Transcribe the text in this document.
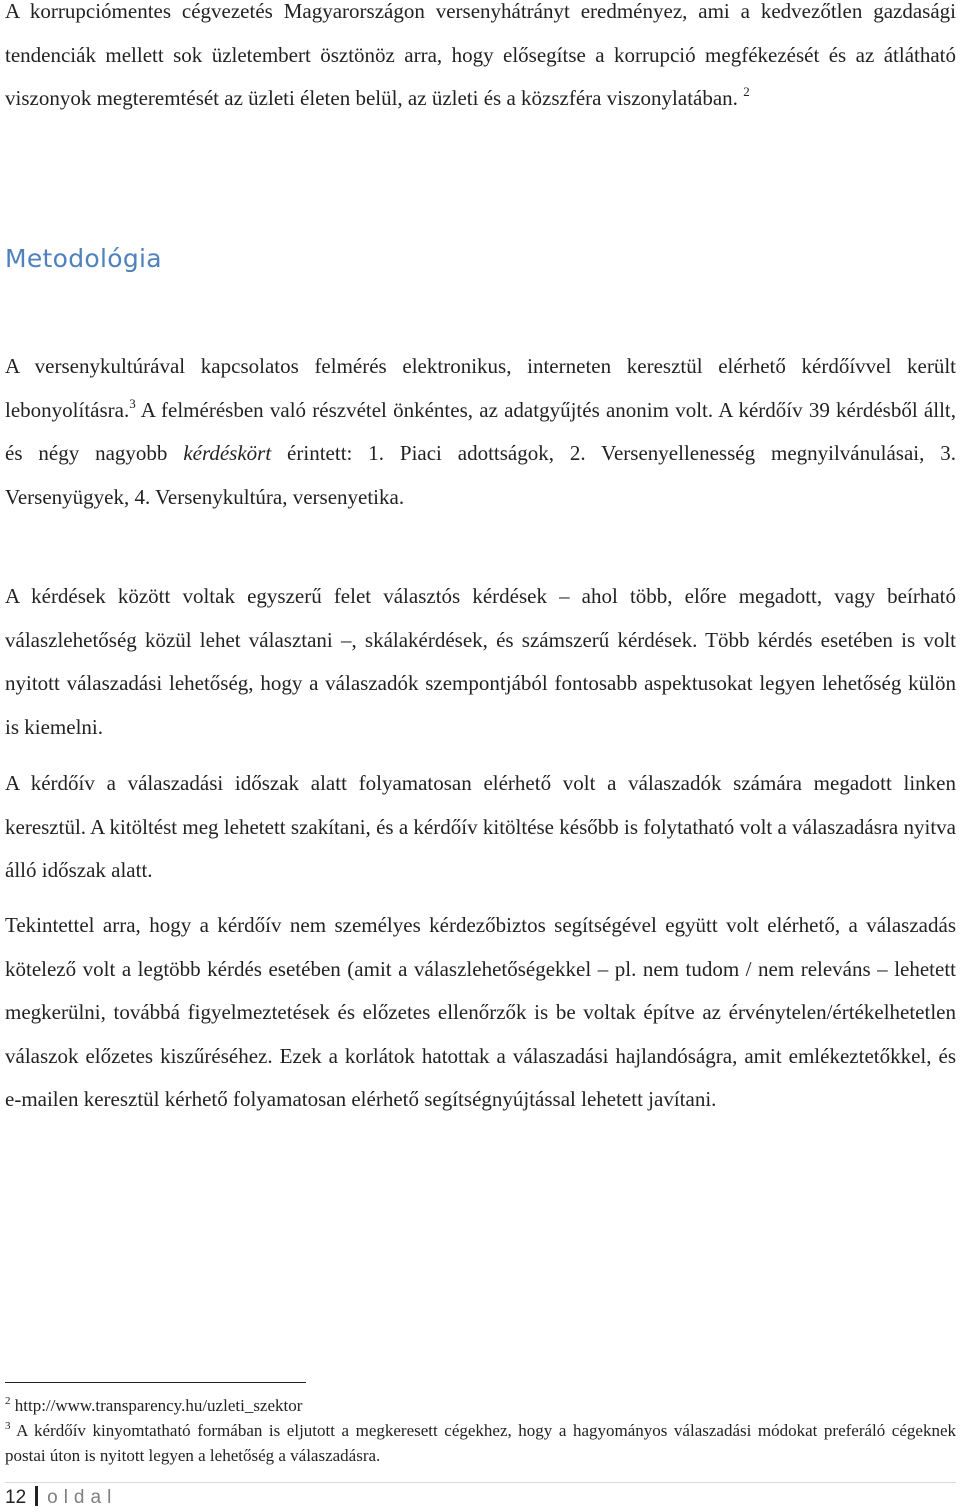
A korrupciómentes cégvezetés Magyarországon versenyhátrányt eredményez, ami a kedvezőtlen gazdasági tendenciák mellett sok üzletembert ösztönöz arra, hogy elősegítse a korrupció megfékezését és az átlátható viszonyok megteremtését az üzleti életen belül, az üzleti és a közszféra viszonylatában. $^2$

Metodológia

A versenykultúrával kapcsolatos felmérés elektronikus, interneten keresztül elérhető kérdőívvel került lebonyolításra.$^3$ A felmérésben való részvétel önkéntes, az adatgyűjtés anonim volt. A kérdőív 39 kérdésből állt, és négy nagyobb kérdéskört érintett: 1. Piaci adottságok, 2. Versenyellenesség megnyilvánulásai, 3. Versenyügyek, 4. Versenykultúra, versenyetika.

A kérdések között voltak egyszerű felet választós kérdések – ahol több, előre megadott, vagy beírható válaszlehetőség közül lehet választani –, skálakérdések, és számszerű kérdések. Több kérdés esetében is volt nyitott válaszadási lehetőség, hogy a válaszadók szempontjából fontosabb aspektusokat legyen lehetőség külön is kiemelni.

A kérdőív a válaszadási időszak alatt folyamatosan elérhető volt a válaszadók számára megadott linken keresztül. A kitöltést meg lehetett szakítani, és a kérdőív kitöltése később is folytatható volt a válaszadásra nyitva álló időszak alatt.

Tekintettel arra, hogy a kérdőív nem személyes kérdezőbiztos segítségével együtt volt elérhető, a válaszadás kötelező volt a legtöbb kérdés esetében (amit a válaszlehetőségekkel – pl. nem tudom / nem releváns – lehetett megkerülni, továbbá figyelmeztetések és előzetes ellenőrzők is be voltak építve az érvénytelen/értékelhetetlen válaszok előzetes kiszűréséhez. Ezek a korlátok hatottak a válaszadási hajlandóságra, amit emlékeztetőkkel, és e-mailen keresztül kérhető folyamatosan elérhető segítségnyújtással lehetett javítani.

$^2$ http://www.transparency.hu/uzleti_szektor

$^3$ A kérdőív kinyomtatható formában is eljutott a megkeresett cégekhez, hogy a hagyományos válaszadási módokat preferáló cégeknek postai úton is nyitott legyen a lehetőség a válaszadásra.

12 oldal
